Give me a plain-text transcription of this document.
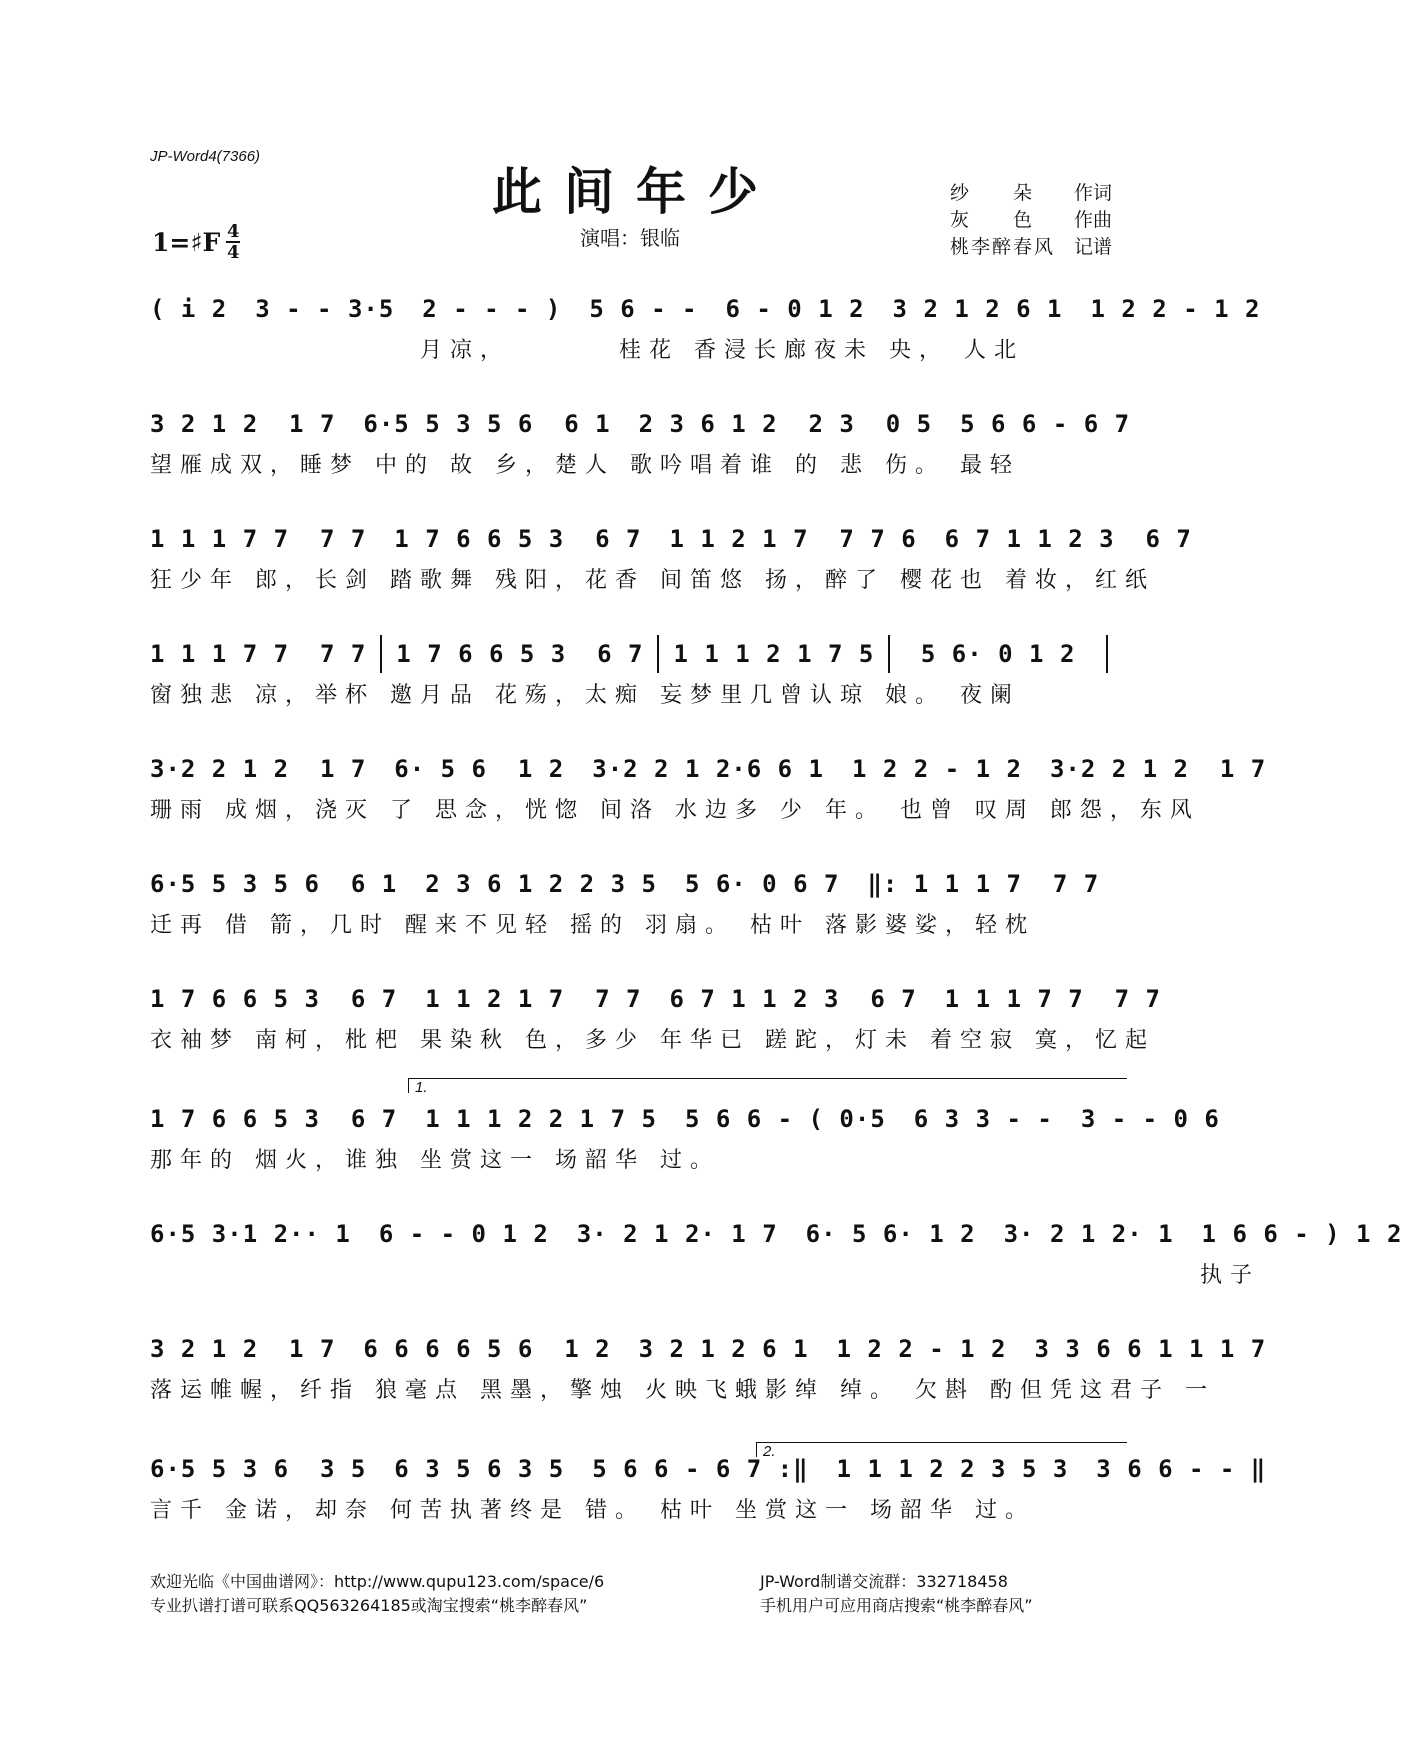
JP-Word4(7366)
此间年少
演唱：银临
纱　　朵	作词
灰　　色	作曲
桃李醉春风 记谱
1=♯F 4
4
( i 2 3 - - 3·5 2 - - - ) 5 6 - - 6 - 0 1 2 3 2 1 2 6 1 1 2 2 - 1 2
　　　　　　　　　月凉，　　　　桂花 香浸长廊夜未 央， 人北
3 2 1 2  1 7 6·5 5 3 5 6  6 1 2 3 6 1 2  2 3  0 5 5 6 6 - 6 7
望雁成双，睡梦 中的 故 乡，楚人 歌吟唱着谁 的 悲 伤。 最轻
1 1 1 7 7  7 7 1 7 6 6 5 3  6 7 1 1 2 1 7  7 7 6 6 7 1 1 2 3  6 7
狂少年 郎，长剑 踏歌舞 残阳，花香 间笛悠 扬，醉了 樱花也 着妆，红纸
1 1 1 7 7  7 7 1 7 6 6 5 3  6 7 1 1 1 2 1 7 5	5 6· 0 1 2
窗独悲 凉，举杯 邀月品 花殇，太痴 妄梦里几曾认琼 娘。 夜阑
3·2 2 1 2  1 7 6· 5 6  1 2 3·2 2 1 2·6 6 1 1 2 2 - 1 2 3·2 2 1 2  1 7
珊雨 成烟，浇灭 了 思念，恍惚 间洛 水边多 少 年。 也曾 叹周 郎怨，东风
6·5 5 3 5 6  6 1 2 3 6 1 2 2 3 5 5 6· 0 6 7 ‖: 1 1 1 7  7 7
迁再 借 箭，几时 醒来不见轻 摇的 羽扇。 枯叶 落影婆娑，轻枕
1 7 6 6 5 3  6 7 1 1 2 1 7  7 7 6 7 1 1 2 3  6 7 1 1 1 7 7  7 7
衣袖梦 南柯，枇杷 果染秋 色，多少 年华已 蹉跎，灯未 着空寂 寞，忆起
1 7 6 6 5 3  6 7 1 1 1 2 2 1 7 5 5 6 6 - ( 0·5 6 3 3 - - 3 - - 0 6
那年的 烟火，谁独 坐赏这一 场韶华 过。
6·5 3·1 2·· 1 6 - - 0 1 2 3· 2 1 2· 1 7 6· 5 6· 1 2 3· 2 1 2· 1 1 6 6 - ) 1 2
　　　　　　　　　　　　　　　　　　　　　　　　　　　　　　　　　　　执子
3 2 1 2  1 7 6 6 6 6 5 6  1 2 3 2 1 2 6 1 1 2 2 - 1 2 3 3 6 6 1 1 1 7
落运帷幄，纤指 狼毫点 黑墨，擎烛 火映飞蛾影绰 绰。 欠斟 酌但凭这君子 一
6·5 5 3 6  3 5 6 3 5 6 3 5 5 6 6 - 6 7 :‖ 1 1 1 2 2 3 5 3 3 6 6 - - ‖
言千 金诺，却奈 何苦执著终是 错。 枯叶 坐赏这一 场韶华 过。
1.
2.
欢迎光临《中国曲谱网》：http://www.qupu123.com/space/6
专业扒谱打谱可联系QQ563264185或淘宝搜索“桃李醉春风”
JP-Word制谱交流群：332718458
手机用户可应用商店搜索“桃李醉春风”
